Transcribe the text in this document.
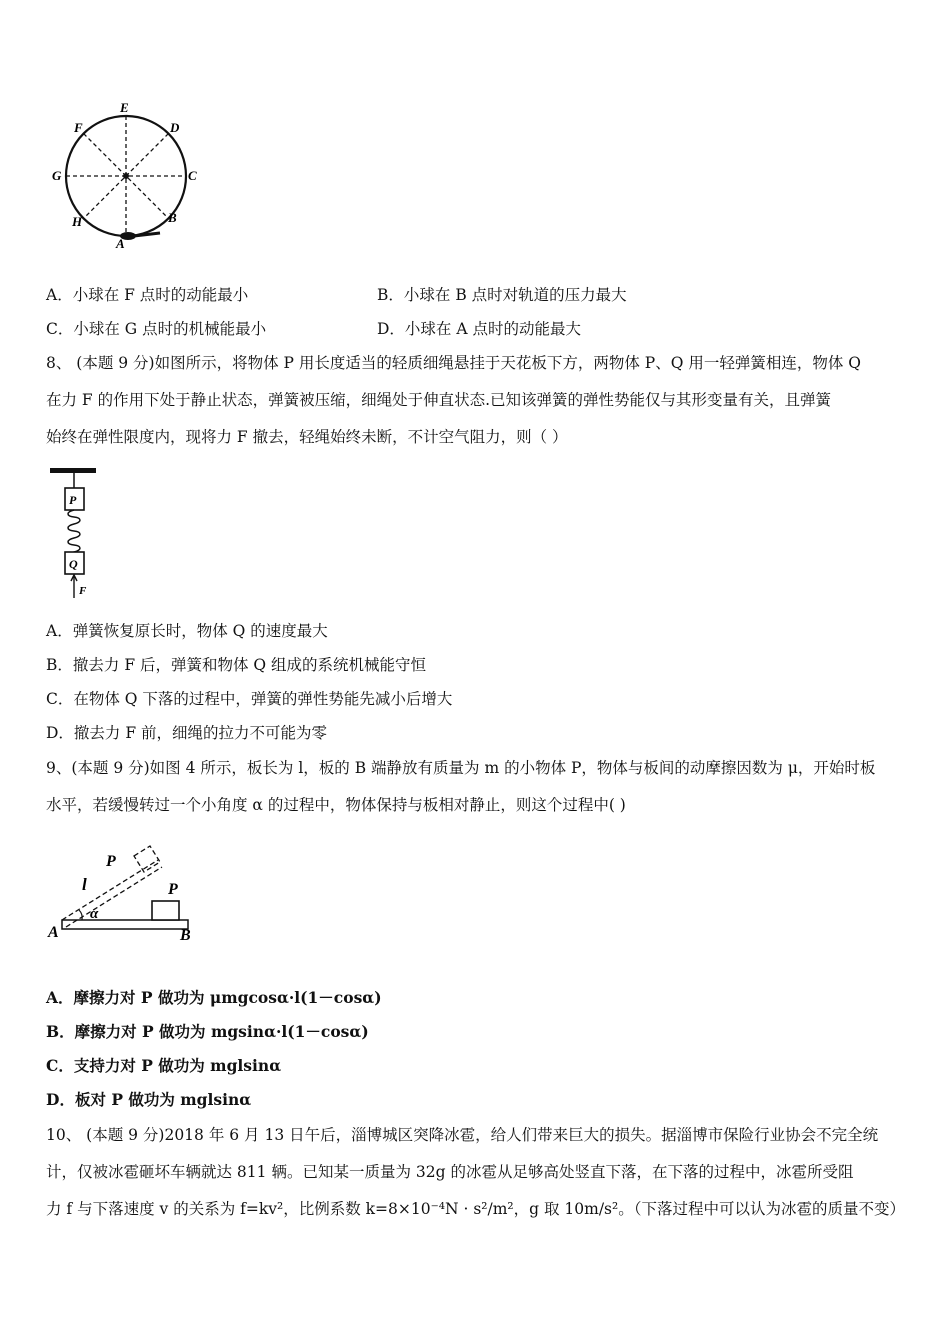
E
F	D
G	C
H	B
A
A．小球在 F 点时的动能最小	B．小球在 B 点时对轨道的压力最大
C．小球在 G 点时的机械能最小	D．小球在 A 点时的动能最大
8、 (本题 9 分)如图所示，将物体 P 用长度适当的轻质细绳悬挂于天花板下方，两物体 P、Q 用一轻弹簧相连，物体 Q
在力 F 的作用下处于静止状态，弹簧被压缩，细绳处于伸直状态.已知该弹簧的弹性势能仅与其形变量有关，且弹簧
始终在弹性限度内，现将力 F 撤去，轻绳始终未断，不计空气阻力，则（ ）
P
Q
F
A．弹簧恢复原长时，物体 Q 的速度最大
B．撤去力 F 后，弹簧和物体 Q 组成的系统机械能守恒
C．在物体 Q 下落的过程中，弹簧的弹性势能先减小后增大
D．撤去力 F 前，细绳的拉力不可能为零
9、(本题 9 分)如图 4 所示，板长为 l，板的 B 端静放有质量为 m 的小物体 P，物体与板间的动摩擦因数为 μ，开始时板
水平，若缓慢转过一个小角度 α 的过程中，物体保持与板相对静止，则这个过程中( )
P
P
l
α
A	B
A．摩擦力对 P 做功为 μmgcosα·l(1－cosα)
B．摩擦力对 P 做功为 mgsinα·l(1－cosα)
C．支持力对 P 做功为 mglsinα
D．板对 P 做功为 mglsinα
10、 (本题 9 分)2018 年 6 月 13 日午后，淄博城区突降冰雹，给人们带来巨大的损失。据淄博市保险行业协会不完全统
计，仅被冰雹砸坏车辆就达 811 辆。已知某一质量为 32g 的冰雹从足够高处竖直下落，在下落的过程中，冰雹所受阻
力 f 与下落速度 v 的关系为 f=kv²，比例系数 k=8×10⁻⁴N · s²/m²，g 取 10m/s²。（下落过程中可以认为冰雹的质量不变）
